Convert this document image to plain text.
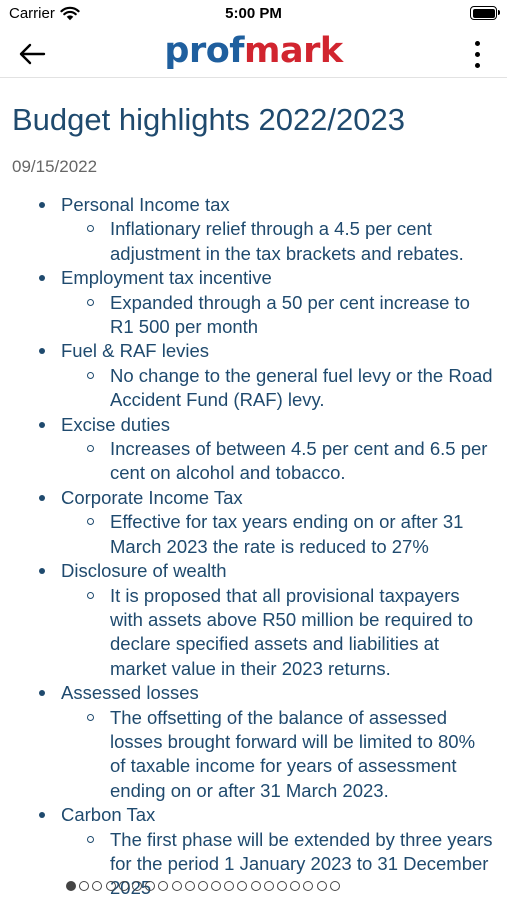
Carrier	5:00 PM
profmark
Budget highlights 2022/2023
09/15/2022
Personal Income tax
Inflationary relief through a 4.5 per cent adjustment in the tax brackets and rebates.
Employment tax incentive
Expanded through a 50 per cent increase to R1 500 per month
Fuel & RAF levies
No change to the general fuel levy or the Road Accident Fund (RAF) levy.
Excise duties
Increases of between 4.5 per cent and 6.5 per cent on alcohol and tobacco.
Corporate Income Tax
Effective for tax years ending on or after 31 March 2023 the rate is reduced to 27%
Disclosure of wealth
It is proposed that all provisional taxpayers with assets above R50 million be required to declare specified assets and liabilities at market value in their 2023 returns.
Assessed losses
The offsetting of the balance of assessed losses brought forward will be limited to 80% of taxable income for years of assessment ending on or after 31 March 2023.
Carbon Tax
The first phase will be extended by three years for the period 1 January 2023 to 31 December 2025
